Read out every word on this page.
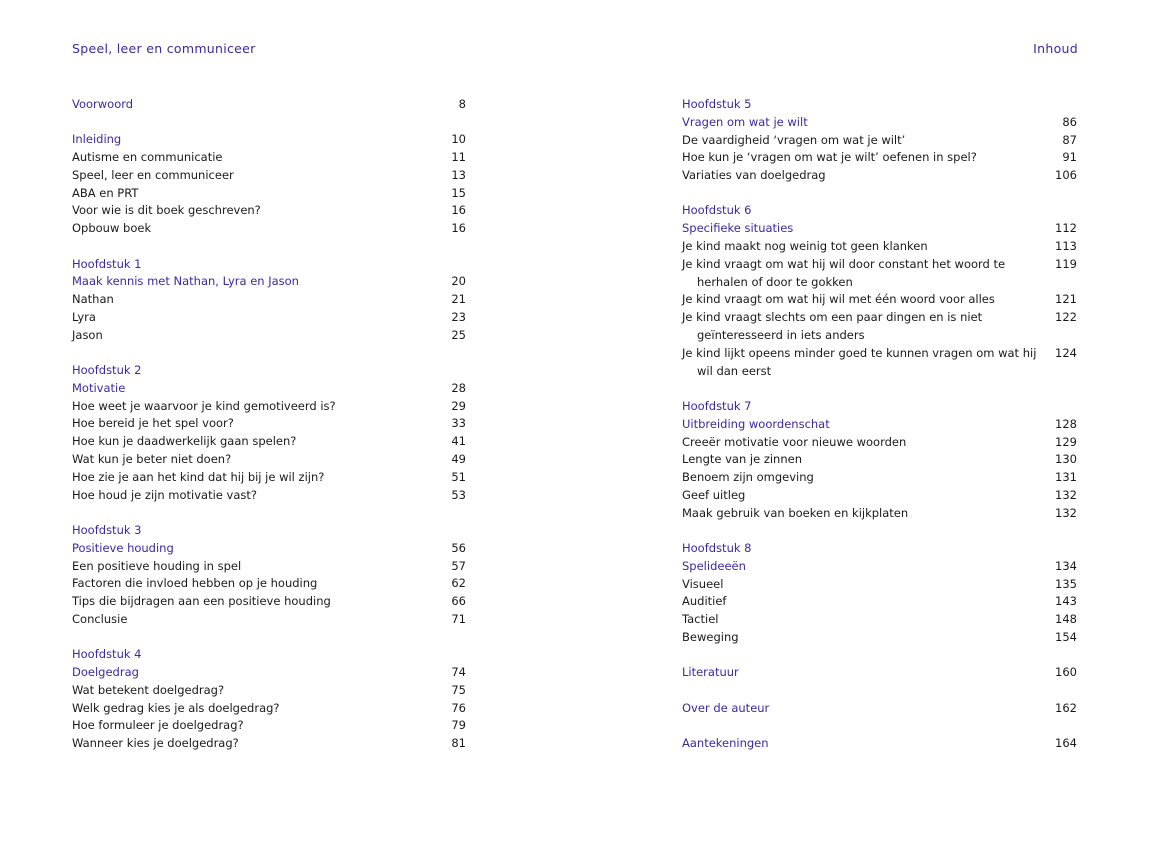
Speel, leer en communiceer	Inhoud
Voorwoord	8
Inleiding	10
Autisme en communicatie	11
Speel, leer en communiceer	13
ABA en PRT	15
Voor wie is dit boek geschreven?	16
Opbouw boek	16
Hoofdstuk 1
Maak kennis met Nathan, Lyra en Jason	20
Nathan	21
Lyra	23
Jason	25
Hoofdstuk 2
Motivatie	28
Hoe weet je waarvoor je kind gemotiveerd is?	29
Hoe bereid je het spel voor?	33
Hoe kun je daadwerkelijk gaan spelen?	41
Wat kun je beter niet doen?	49
Hoe zie je aan het kind dat hij bij je wil zijn?	51
Hoe houd je zijn motivatie vast?	53
Hoofdstuk 3
Positieve houding	56
Een positieve houding in spel	57
Factoren die invloed hebben op je houding	62
Tips die bijdragen aan een positieve houding	66
Conclusie	71
Hoofdstuk 4
Doelgedrag	74
Wat betekent doelgedrag?	75
Welk gedrag kies je als doelgedrag?	76
Hoe formuleer je doelgedrag?	79
Wanneer kies je doelgedrag?	81
Hoofdstuk 5
Vragen om wat je wilt	86
De vaardigheid ‘vragen om wat je wilt’	87
Hoe kun je ‘vragen om wat je wilt’ oefenen in spel?	91
Variaties van doelgedrag	106
Hoofdstuk 6
Specifieke situaties	112
Je kind maakt nog weinig tot geen klanken	113
Je kind vraagt om wat hij wil door constant het woord te herhalen of door te gokken
119
Je kind vraagt om wat hij wil met één woord voor alles	121
Je kind vraagt slechts om een paar dingen en is niet geïnteresseerd in iets anders
122
Je kind lijkt opeens minder goed te kunnen vragen om wat hij wil dan eerst
124
Hoofdstuk 7
Uitbreiding woordenschat	128
Creeër motivatie voor nieuwe woorden	129
Lengte van je zinnen	130
Benoem zijn omgeving	131
Geef uitleg	132
Maak gebruik van boeken en kijkplaten	132
Hoofdstuk 8
Spelideeën	134
Visueel	135
Auditief	143
Tactiel	148
Beweging	154
Literatuur	160
Over de auteur	162
Aantekeningen	164
